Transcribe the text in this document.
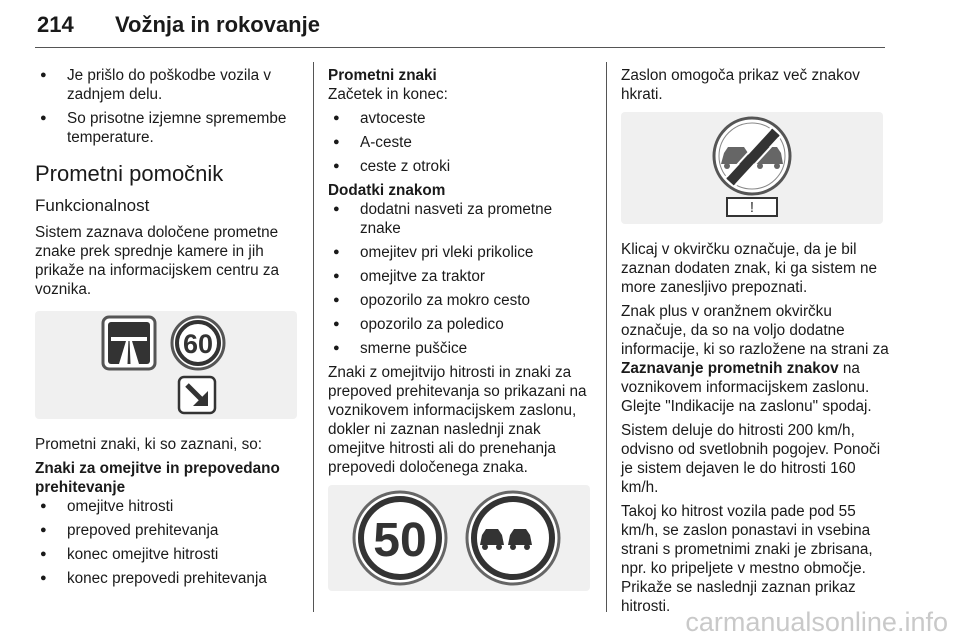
214 Vožnja in rokovanje
● Je prišlo do poškodbe vozila v zadnjem delu.
● So prisotne izjemne spremembe temperature.

Prometni pomočnik

Funkcionalnost

Sistem zaznava določene prometne znake prek sprednje kamere in jih prikaže na informacijskem centru za voznika.

60

Prometni znaki, ki so zaznani, so:

Znaki za omejitve in prepovedano prehitevanje

● omejitve hitrosti
● prepoved prehitevanja
● konec omejitve hitrosti
● konec prepovedi prehitevanja

Prometni znaki

Začetek in konec:

● avtoceste
● A-ceste
● ceste z otroki

Dodatki znakom

● dodatni nasveti za prometne znake
● omejitev pri vleki prikolice
● omejitve za traktor
● opozorilo za mokro cesto
● opozorilo za poledico
● smerne puščice

Znaki z omejitvijo hitrosti in znaki za prepoved prehitevanja so prikazani na voznikovem informacijskem zaslonu, dokler ni zaznan naslednji znak omejitve hitrosti ali do prenehanja prepovedi določenega znaka.

50

Zaslon omogoča prikaz več znakov hkrati.

!

Klicaj v okvirčku označuje, da je bil zaznan dodaten znak, ki ga sistem ne more zanesljivo prepoznati.

Znak plus v oranžnem okvirčku označuje, da so na voljo dodatne informacije, ki so razložene na strani za Zaznavanje prometnih znakov na voznikovem informacijskem zaslonu. Glejte "Indikacije na zaslonu" spodaj.

Sistem deluje do hitrosti 200 km/h, odvisno od svetlobnih pogojev. Ponoči je sistem dejaven le do hitrosti 160 km/h.

Takoj ko hitrost vozila pade pod 55 km/h, se zaslon ponastavi in vsebina strani s prometnimi znaki je zbrisana, npr. ko pripeljete v mestno območje. Prikaže se naslednji zaznan prikaz hitrosti.

carmanualsonline.info
